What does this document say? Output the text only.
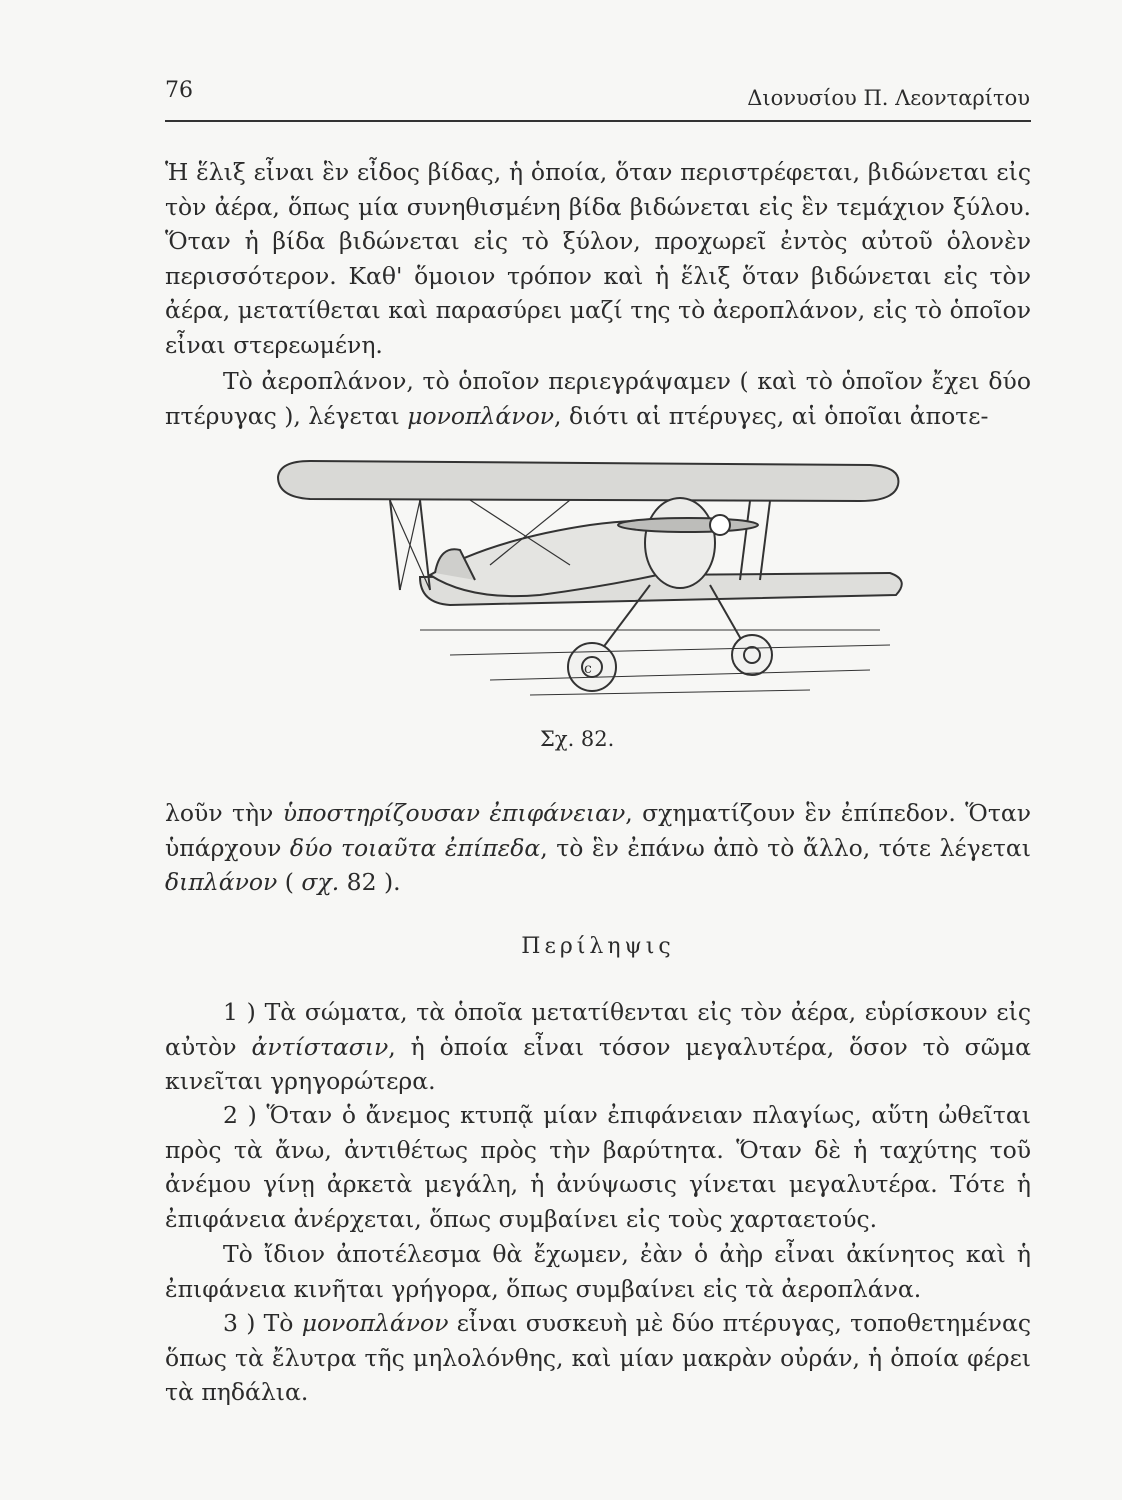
76	Διονυσίου Π. Λεονταρίτου

Ἡ ἕλιξ εἶναι ἓν εἶδος βίδας, ἡ ὁποία, ὅταν περιστρέφεται, βιδώνεται εἰς τὸν ἀέρα, ὅπως μία συνηθισμένη βίδα βιδώνεται εἰς ἓν τεμάχιον ξύλου. Ὅταν ἡ βίδα βιδώνεται εἰς τὸ ξύλον, προχωρεῖ ἐντὸς αὐτοῦ ὁλονὲν περισσότερον. Καθ' ὅμοιον τρόπον καὶ ἡ ἕλιξ ὅταν βιδώνεται εἰς τὸν ἀέρα, μετατίθεται καὶ παρασύρει μαζί της τὸ ἀεροπλάνον, εἰς τὸ ὁποῖον εἶναι στερεωμένη.

Τὸ ἀεροπλάνον, τὸ ὁποῖον περιεγράψαμεν ( καὶ τὸ ὁποῖον ἔχει δύο πτέρυγας ), λέγεται μονοπλάνον, διότι αἱ πτέρυγες, αἱ ὁποῖαι ἀποτε-

c
Σχ. 82.

λοῦν τὴν ὑποστηρίζουσαν ἐπιφάνειαν, σχηματίζουν ἓν ἐπίπεδον. Ὅταν ὑπάρχουν δύο τοιαῦτα ἐπίπεδα, τὸ ἓν ἐπάνω ἀπὸ τὸ ἄλλο, τότε λέγεται διπλάνον ( σχ. 82 ).

Περίληψις

1 ) Τὰ σώματα, τὰ ὁποῖα μετατίθενται εἰς τὸν ἀέρα, εὑρίσκουν εἰς αὐτὸν ἀντίστασιν, ἡ ὁποία εἶναι τόσον μεγαλυτέρα, ὅσον τὸ σῶμα κινεῖται γρηγορώτερα.

2 ) Ὅταν ὁ ἄνεμος κτυπᾷ μίαν ἐπιφάνειαν πλαγίως, αὕτη ὠθεῖται πρὸς τὰ ἄνω, ἀντιθέτως πρὸς τὴν βαρύτητα. Ὅταν δὲ ἡ ταχύτης τοῦ ἀνέμου γίνῃ ἀρκετὰ μεγάλη, ἡ ἀνύψωσις γίνεται μεγαλυτέρα. Τότε ἡ ἐπιφάνεια ἀνέρχεται, ὅπως συμβαίνει εἰς τοὺς χαρταετούς.

Τὸ ἴδιον ἀποτέλεσμα θὰ ἔχωμεν, ἐὰν ὁ ἀὴρ εἶναι ἀκίνητος καὶ ἡ ἐπιφάνεια κινῆται γρήγορα, ὅπως συμβαίνει εἰς τὰ ἀεροπλάνα.

3 ) Τὸ μονοπλάνον εἶναι συσκευὴ μὲ δύο πτέρυγας, τοποθετημένας ὅπως τὰ ἔλυτρα τῆς μηλολόνθης, καὶ μίαν μακρὰν οὐράν, ἡ ὁποία φέρει τὰ πηδάλια.
